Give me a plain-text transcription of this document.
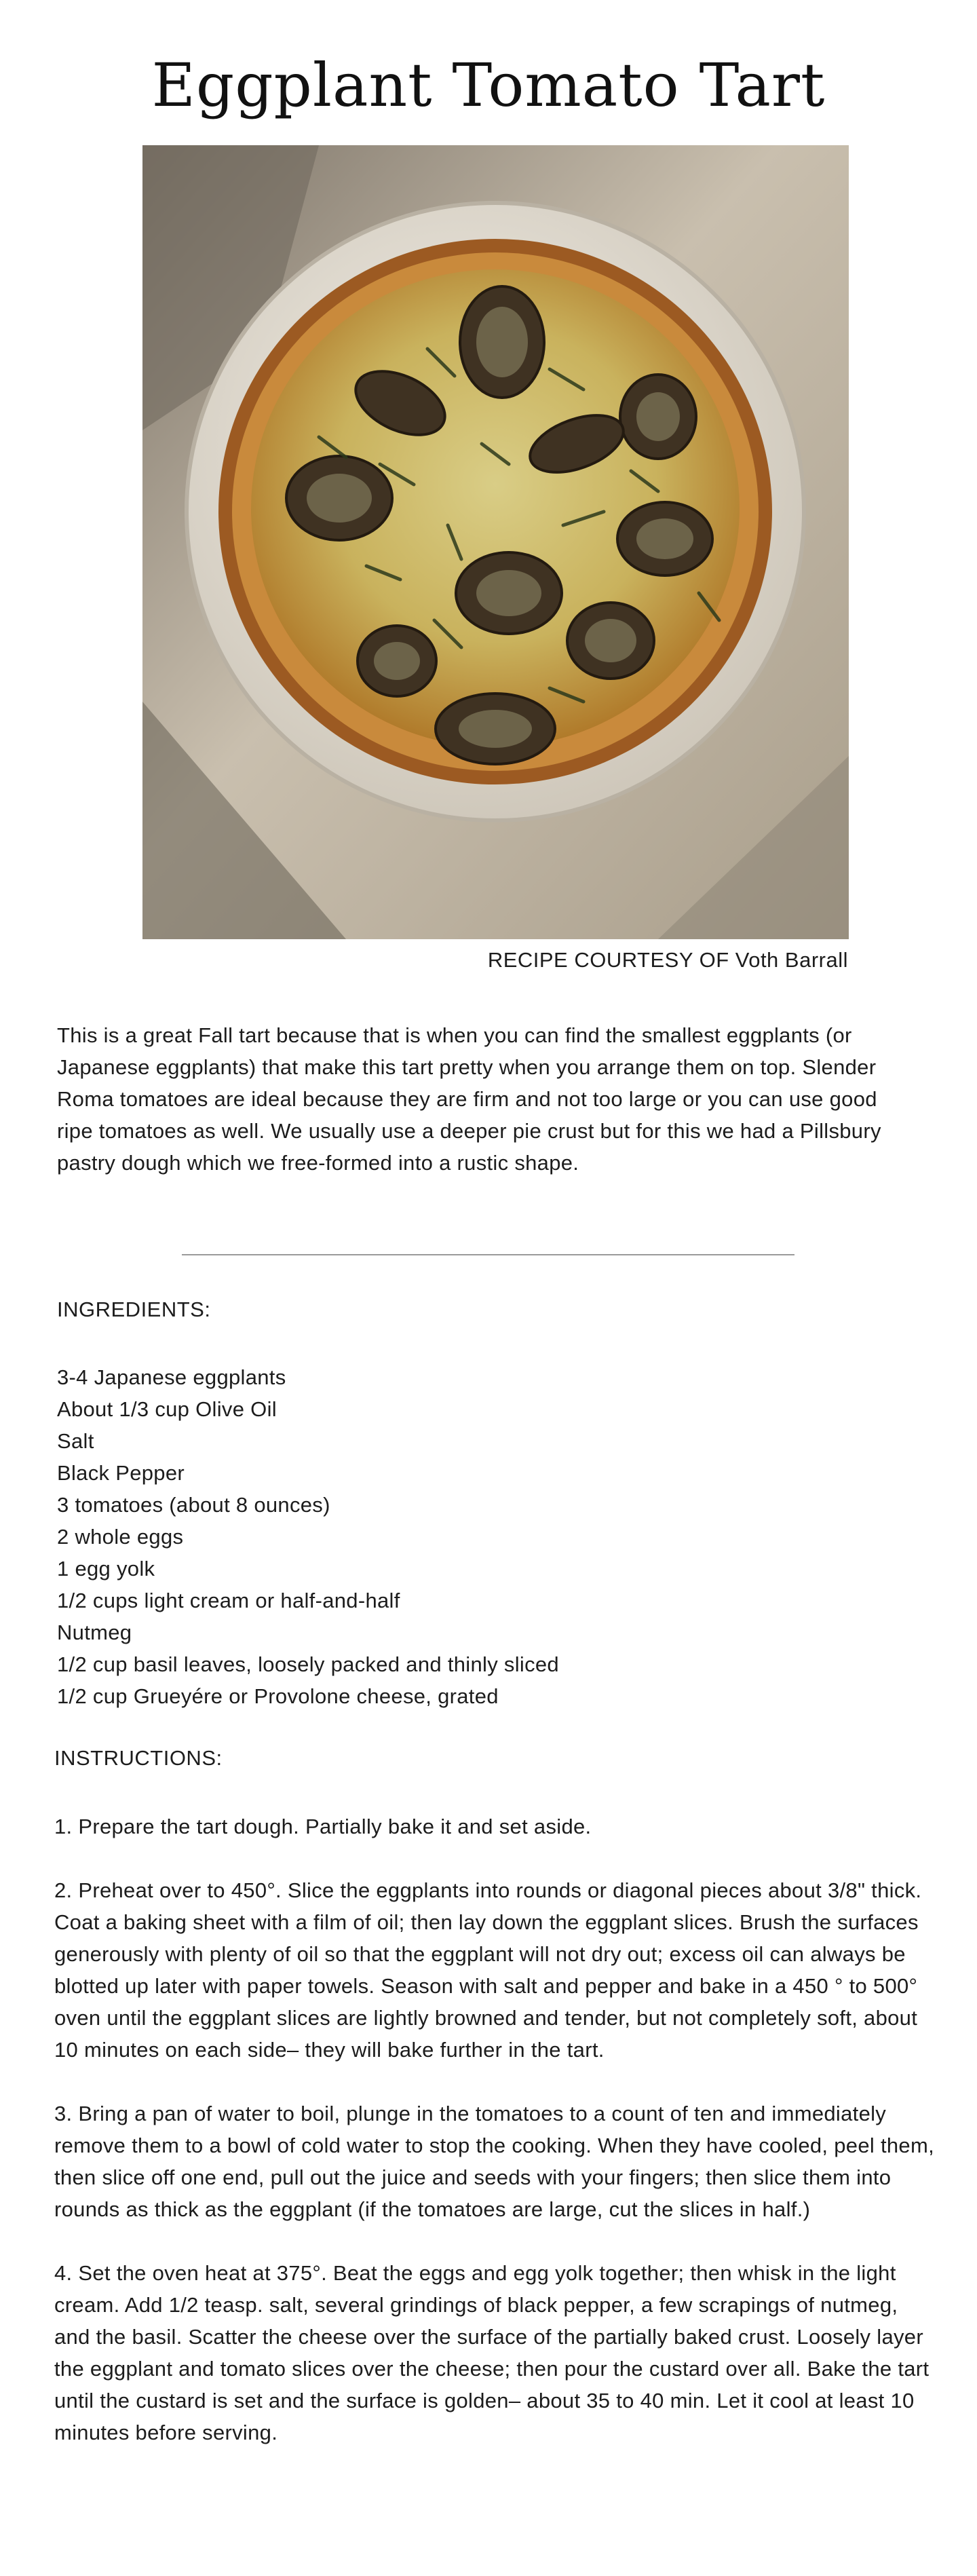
Eggplant Tomato Tart
RECIPE COURTESY OF Voth Barrall

This is a great Fall tart because that is when you can find the smallest eggplants (or Japanese eggplants) that make this tart pretty when you arrange them on top. Slender Roma tomatoes are ideal because they are firm and not too large or you can use good ripe tomatoes as well. We usually use a deeper pie crust but for this we had a Pillsbury pastry dough which we free-formed into a rustic shape.

INGREDIENTS:
3-4 Japanese eggplants
About 1/3 cup Olive Oil
Salt
Black Pepper
3 tomatoes (about 8 ounces)
2 whole eggs
1 egg yolk
1/2 cups light cream or half-and-half
Nutmeg
1/2 cup basil leaves, loosely packed and thinly sliced
1/2 cup Grueyére or Provolone cheese, grated
INSTRUCTIONS:

1. Prepare the tart dough. Partially bake it and set aside.

2. Preheat over to 450°. Slice the eggplants into rounds or diagonal pieces about 3/8" thick. Coat a baking sheet with a film of oil; then lay down the eggplant slices. Brush the surfaces generously with plenty of oil so that the eggplant will not dry out; excess oil can always be blotted up later with paper towels. Season with salt and pepper and bake in a 450 ° to 500° oven until the eggplant slices are lightly browned and tender, but not completely soft, about 10 minutes on each side– they will bake further in the tart.

3. Bring a pan of water to boil, plunge in the tomatoes to a count of ten and immediately remove them to a bowl of cold water to stop the cooking. When they have cooled, peel them, then slice off one end, pull out the juice and seeds with your fingers; then slice them into rounds as thick as the eggplant (if the tomatoes are large, cut the slices in half.)

4. Set the oven heat at 375°. Beat the eggs and egg yolk together; then whisk in the light cream. Add 1/2 teasp. salt, several grindings of black pepper, a few scrapings of nutmeg, and the basil. Scatter the cheese over the surface of the partially baked crust. Loosely layer the eggplant and tomato slices over the cheese; then pour the custard over all. Bake the tart until the custard is set and the surface is golden– about 35 to 40 min. Let it cool at least 10 minutes before serving.
